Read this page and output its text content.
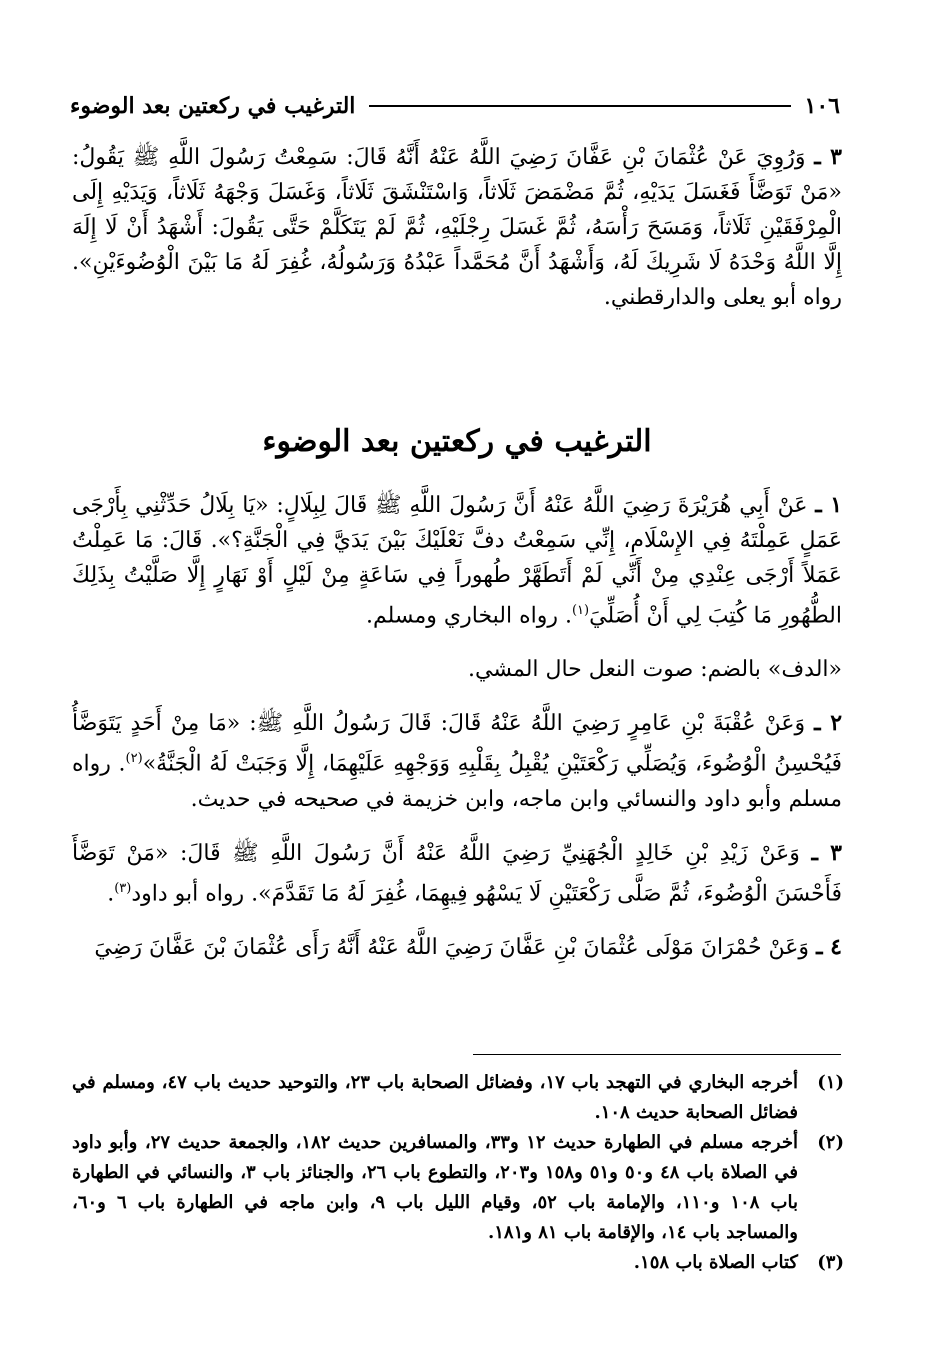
١٠٦
الترغيب في ركعتين بعد الوضوء

٣ ـ وَرُوِيَ عَنْ عُثْمَانَ بْنِ عَفَّانَ رَضِيَ اللَّهُ عَنْهُ أَنَّهُ قَالَ: سَمِعْتُ رَسُولَ اللَّهِ ﷺ يَقُولُ: «مَنْ تَوَضَّأَ فَغَسَلَ يَدَيْهِ، ثُمَّ مَضْمَضَ ثَلَاثاً، وَاسْتَنْشَقَ ثَلَاثاً، وَغَسَلَ وَجْهَهُ ثَلَاثاً، وَيَدَيْهِ إِلَى الْمِرْفَقَيْنِ ثَلَاثاً، وَمَسَحَ رَأْسَهُ، ثُمَّ غَسَلَ رِجْلَيْهِ، ثُمَّ لَمْ يَتَكَلَّمْ حَتَّى يَقُولَ: أَشْهَدُ أَنْ لَا إِلَهَ إِلَّا اللَّهُ وَحْدَهُ لَا شَرِيكَ لَهُ، وَأَشْهَدُ أَنَّ مُحَمَّداً عَبْدُهُ وَرَسُولُهُ، غُفِرَ لَهُ مَا بَيْنَ الْوُضُوءَيْنِ». رواه أبو يعلى والدارقطني.

الترغيب في ركعتين بعد الوضوء

١ ـ عَنْ أَبِي هُرَيْرَةَ رَضِيَ اللَّهُ عَنْهُ أَنَّ رَسُولَ اللَّهِ ﷺ قَالَ لِبِلَالٍ: «يَا بِلَالُ حَدِّثْنِي بِأَرْجَى عَمَلٍ عَمِلْتَهُ فِي الإِسْلَامِ، إِنِّي سَمِعْتُ دفَّ نَعْلَيْكَ بَيْنَ يَدَيَّ فِي الْجَنَّةِ؟». قَالَ: مَا عَمِلْتُ عَمَلاً أَرْجَى عِنْدِي مِنْ أَنِّي لَمْ أَتَطَهَّرْ طُهوراً فِي سَاعَةٍ مِنْ لَيْلٍ أَوْ نَهَارٍ إِلَّا صَلَّيْتُ بِذَلِكَ الطُّهُورِ مَا كُتِبَ لِي أَنْ أُصَلِّيَ$^{(١)}$. رواه البخاري ومسلم.

«الدف» بالضم: صوت النعل حال المشي.

٢ ـ وَعَنْ عُقْبَةَ بْنِ عَامِرٍ رَضِيَ اللَّهُ عَنْهُ قَالَ: قَالَ رَسُولُ اللَّهِ ﷺ: «مَا مِنْ أَحَدٍ يَتَوَضَّأُ فَيُحْسِنُ الْوُضُوءَ، وَيُصَلِّي رَكْعَتَيْنِ يُقْبِلُ بِقَلْبِهِ وَوَجْهِهِ عَلَيْهِمَا، إِلَّا وَجَبَتْ لَهُ الْجَنَّةُ»$^{(٢)}$. رواه مسلم وأبو داود والنسائي وابن ماجه، وابن خزيمة في صحيحه في حديث.

٣ ـ وَعَنْ زَيْدِ بْنِ خَالِدٍ الْجُهَنِيِّ رَضِيَ اللَّهُ عَنْهُ أَنَّ رَسُولَ اللَّهِ ﷺ قَالَ: «مَنْ تَوَضَّأَ فَأَحْسَنَ الْوُضُوءَ، ثُمَّ صَلَّى رَكْعَتَيْنِ لَا يَسْهُو فِيهِمَا، غُفِرَ لَهُ مَا تَقَدَّمَ». رواه أبو داود$^{(٣)}$.

٤ ـ وَعَنْ حُمْرَانَ مَوْلَى عُثْمَانَ بْنِ عَفَّانَ رَضِيَ اللَّهُ عَنْهُ أَنَّهُ رَأَى عُثْمَانَ بْنَ عَفَّانَ رَضِيَ

(١)
أخرجه البخاري في التهجد باب ١٧، وفضائل الصحابة باب ٢٣، والتوحيد حديث باب ٤٧، ومسلم في فضائل الصحابة حديث ١٠٨.
(٢)
أخرجه مسلم في الطهارة حديث ١٢ و٣٣، والمسافرين حديث ١٨٢، والجمعة حديث ٢٧، وأبو داود في الصلاة باب ٤٨ و٥٠ و٥١ و١٥٨ و٢٠٣، والتطوع باب ٢٦، والجنائز باب ٣، والنسائي في الطهارة باب ١٠٨ و١١٠، والإمامة باب ٥٢، وقيام الليل باب ٩، وابن ماجه في الطهارة باب ٦ و٦٠، والمساجد باب ١٤، والإقامة باب ٨١ و١٨١.
(٣)
كتاب الصلاة باب ١٥٨.
